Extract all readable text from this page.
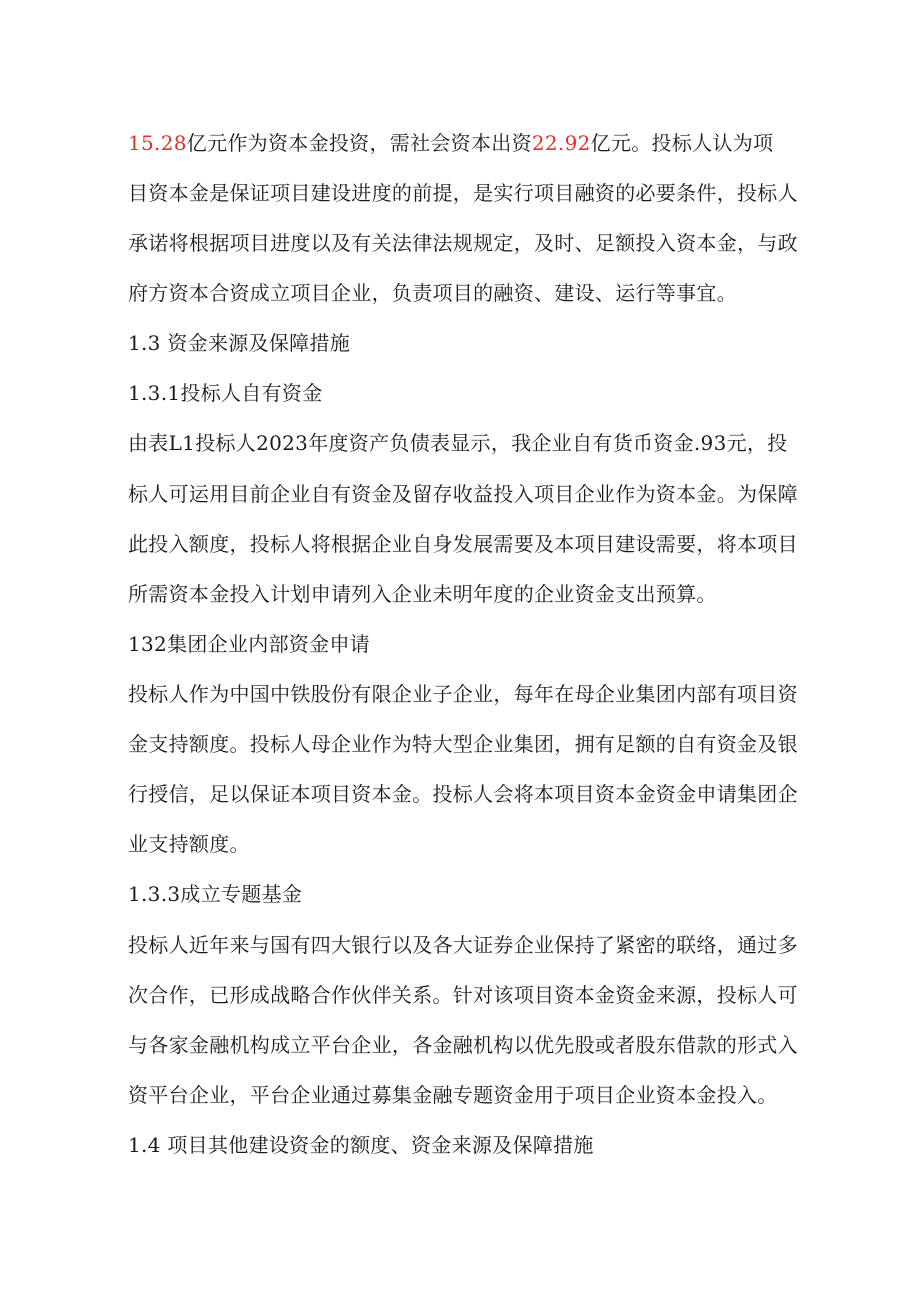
15.28亿元作为资本金投资，需社会资本出资22.92亿元。投标人认为项
目资本金是保证项目建设进度的前提，是实行项目融资的必要条件，投标人
承诺将根据项目进度以及有关法律法规规定，及时、足额投入资本金，与政
府方资本合资成立项目企业，负责项目的融资、建设、运行等事宜。
1.3 资金来源及保障措施
1.3.1投标人自有资金
由表L1投标人2023年度资产负债表显示，我企业自有货币资金.93元，投
标人可运用目前企业自有资金及留存收益投入项目企业作为资本金。为保障
此投入额度，投标人将根据企业自身发展需要及本项目建设需要，将本项目
所需资本金投入计划申请列入企业未明年度的企业资金支出预算。
132集团企业内部资金申请
投标人作为中国中铁股份有限企业子企业，每年在母企业集团内部有项目资
金支持额度。投标人母企业作为特大型企业集团，拥有足额的自有资金及银
行授信，足以保证本项目资本金。投标人会将本项目资本金资金申请集团企
业支持额度。
1.3.3成立专题基金
投标人近年来与国有四大银行以及各大证券企业保持了紧密的联络，通过多
次合作，已形成战略合作伙伴关系。针对该项目资本金资金来源，投标人可
与各家金融机构成立平台企业，各金融机构以优先股或者股东借款的形式入
资平台企业，平台企业通过募集金融专题资金用于项目企业资本金投入。
1.4 项目其他建设资金的额度、资金来源及保障措施
